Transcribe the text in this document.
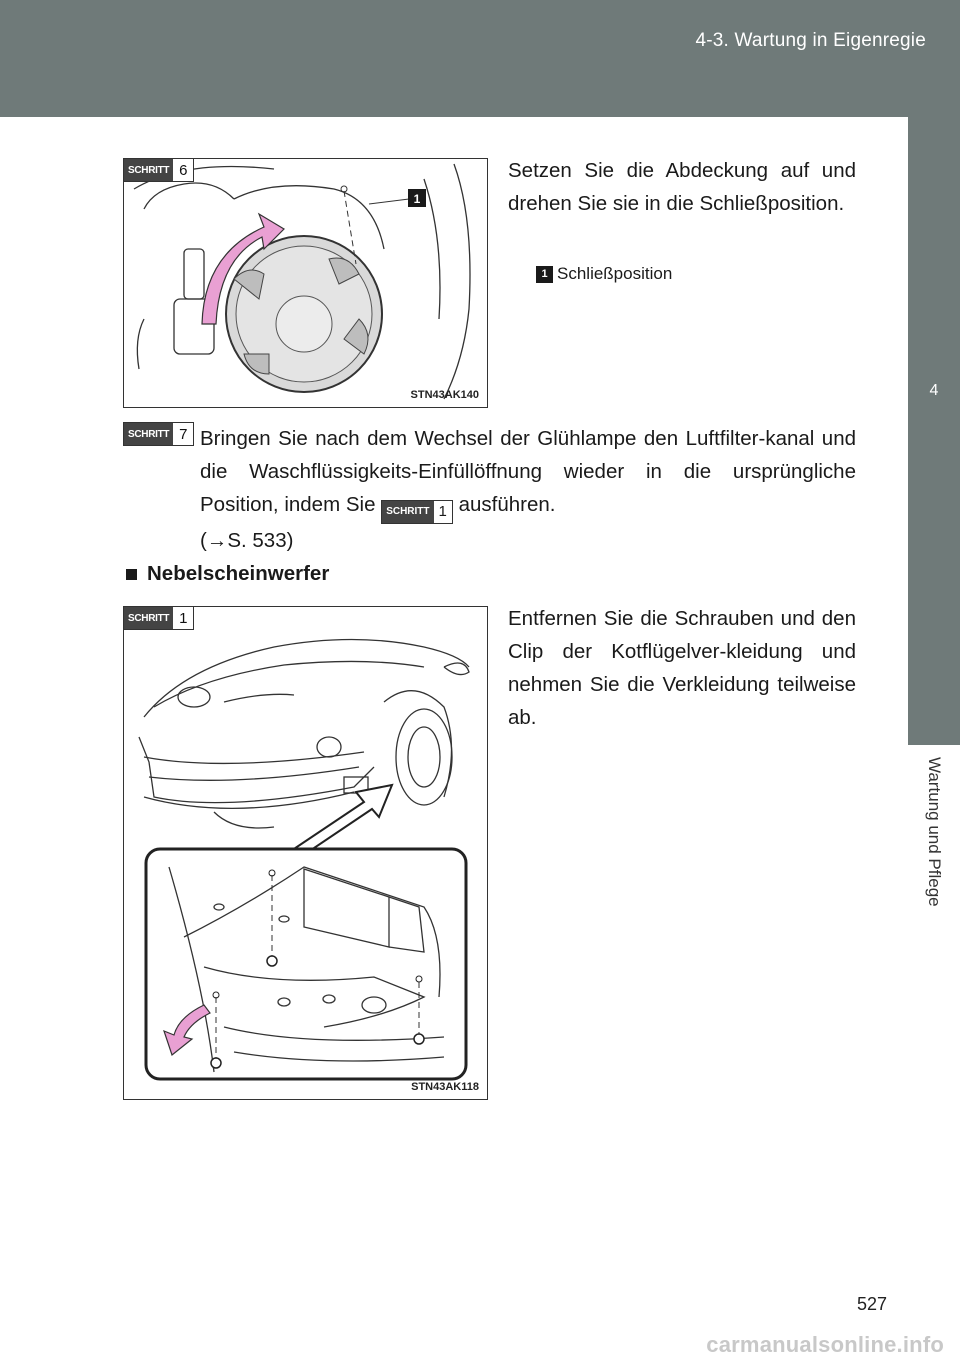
4-3. Wartung in Eigenregie
4
Wartung und Pflege
1
STN43AK140
SCHRITT 6	Setzen Sie die Abdeckung auf und drehen Sie sie in die Schließposition.
1 Schließposition
SCHRITT 7 Bringen Sie nach dem Wechsel der Glühlampe den Luftfilter-kanal und die Waschflüssigkeits-Einfüllöffnung wieder in die ursprüngliche Position, indem Sie	SCHRITT 1 ausführen.
(→S. 533)
Nebelscheinwerfer
STN43AK118
SCHRITT 1	Entfernen Sie die Schrauben und den Clip der Kotflügelver-kleidung und nehmen Sie die Verkleidung teilweise ab.
527
carmanualsonline.info
